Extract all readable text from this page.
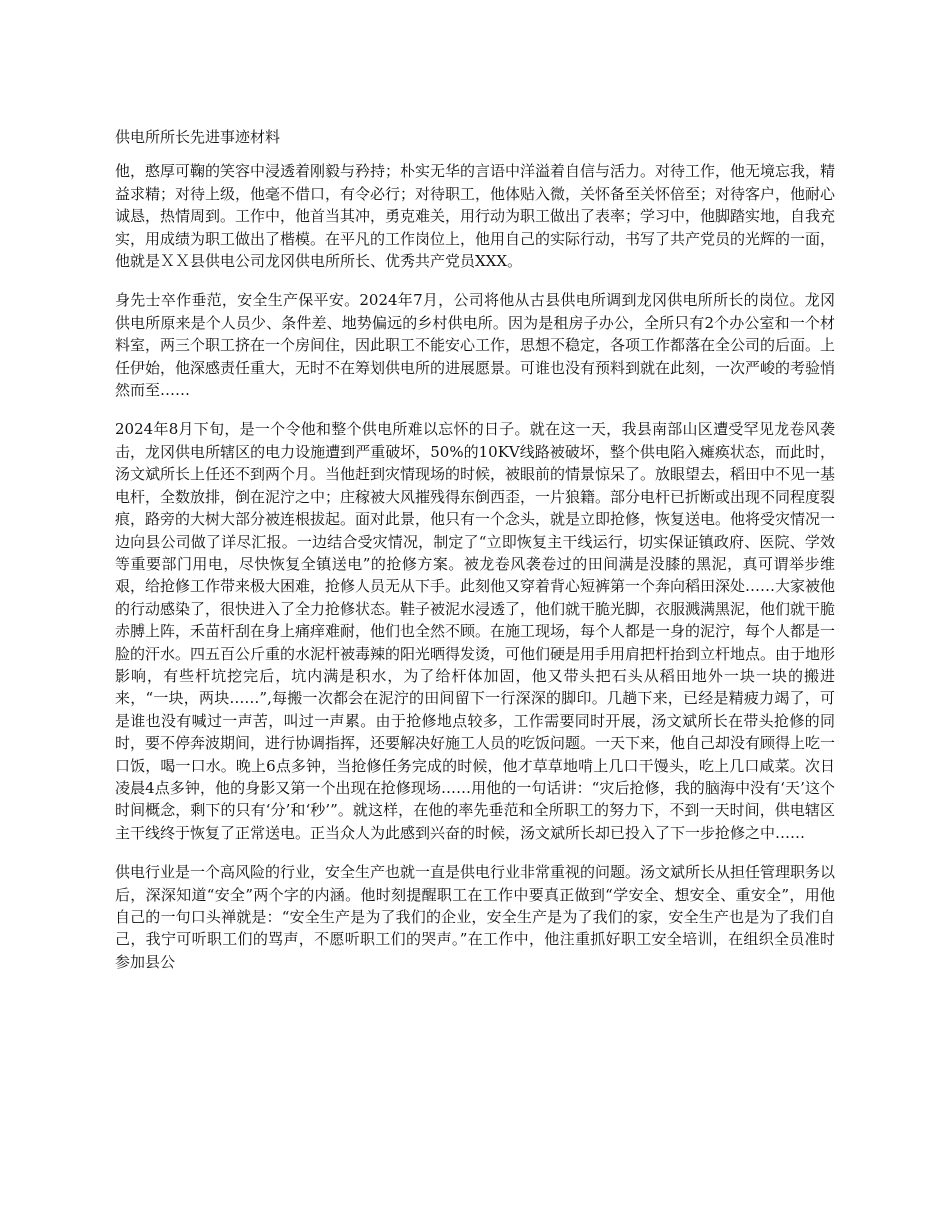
供电所所长先进事迹材料

他，憨厚可鞠的笑容中浸透着刚毅与矜持；朴实无华的言语中洋溢着自信与活力。对待工作，他无境忘我，精益求精；对待上级，他毫不借口，有令必行；对待职工，他体贴入微，关怀备至关怀倍至；对待客户，他耐心诚恳，热情周到。工作中，他首当其冲，勇克难关，用行动为职工做出了表率；学习中，他脚踏实地，自我充实，用成绩为职工做出了楷模。在平凡的工作岗位上，他用自己的实际行动，书写了共产党员的光辉的一面，他就是ＸＸ县供电公司龙冈供电所所长、优秀共产党员XXX。

身先士卒作垂范，安全生产保平安。2024年7月，公司将他从古县供电所调到龙冈供电所所长的岗位。龙冈供电所原来是个人员少、条件差、地势偏远的乡村供电所。因为是租房子办公，全所只有2个办公室和一个材料室，两三个职工挤在一个房间住，因此职工不能安心工作，思想不稳定，各项工作都落在全公司的后面。上任伊始，他深感责任重大，无时不在筹划供电所的进展愿景。可谁也没有预料到就在此刻，一次严峻的考验悄然而至……

2024年8月下旬，是一个令他和整个供电所难以忘怀的日子。就在这一天，我县南部山区遭受罕见龙卷风袭击，龙冈供电所辖区的电力设施遭到严重破坏，50%的10KV线路被破坏，整个供电陷入瘫痪状态，而此时，汤文斌所长上任还不到两个月。当他赶到灾情现场的时候，被眼前的情景惊呆了。放眼望去，稻田中不见一基电杆，全数放排，倒在泥泞之中；庄稼被大风摧残得东倒西歪，一片狼籍。部分电杆已折断或出现不同程度裂痕，路旁的大树大部分被连根拔起。面对此景，他只有一个念头，就是立即抢修，恢复送电。他将受灾情况一边向县公司做了详尽汇报。一边结合受灾情况，制定了“立即恢复主干线运行，切实保证镇政府、医院、学效等重要部门用电，尽快恢复全镇送电”的抢修方案。被龙卷风袭卷过的田间满是没膝的黑泥，真可谓举步维艰，给抢修工作带来极大困难，抢修人员无从下手。此刻他又穿着背心短裤第一个奔向稻田深处……大家被他的行动感染了，很快进入了全力抢修状态。鞋子被泥水浸透了，他们就干脆光脚，衣服溅满黑泥，他们就干脆赤膊上阵，禾苗杆刮在身上痛痒难耐，他们也全然不顾。在施工现场，每个人都是一身的泥泞，每个人都是一脸的汗水。四五百公斤重的水泥杆被毒辣的阳光晒得发烫，可他们硬是用手用肩把杆抬到立杆地点。由于地形影响，有些杆坑挖完后，坑内满是积水，为了给杆体加固，他又带头把石头从稻田地外一块一块的搬进来，“一块，两块……”,每搬一次都会在泥泞的田间留下一行深深的脚印。几趟下来，已经是精疲力竭了，可是谁也没有喊过一声苦，叫过一声累。由于抢修地点较多，工作需要同时开展，汤文斌所长在带头抢修的同时，要不停奔波期间，进行协调指挥，还要解决好施工人员的吃饭问题。一天下来，他自己却没有顾得上吃一口饭，喝一口水。晚上6点多钟，当抢修任务完成的时候，他才草草地啃上几口干馒头，吃上几口咸菜。次日凌晨4点多钟，他的身影又第一个出现在抢修现场……用他的一句话讲：“灾后抢修，我的脑海中没有‘天’这个时间概念，剩下的只有‘分’和‘秒’”。就这样，在他的率先垂范和全所职工的努力下，不到一天时间，供电辖区主干线终于恢复了正常送电。正当众人为此感到兴奋的时候，汤文斌所长却已投入了下一步抢修之中……

供电行业是一个高风险的行业，安全生产也就一直是供电行业非常重视的问题。汤文斌所长从担任管理职务以后，深深知道“安全”两个字的内涵。他时刻提醒职工在工作中要真正做到“学安全、想安全、重安全”，用他自己的一句口头禅就是：“安全生产是为了我们的企业，安全生产是为了我们的家，安全生产也是为了我们自己，我宁可听职工们的骂声，不愿听职工们的哭声。”在工作中，他注重抓好职工安全培训，在组织全员准时参加县公
